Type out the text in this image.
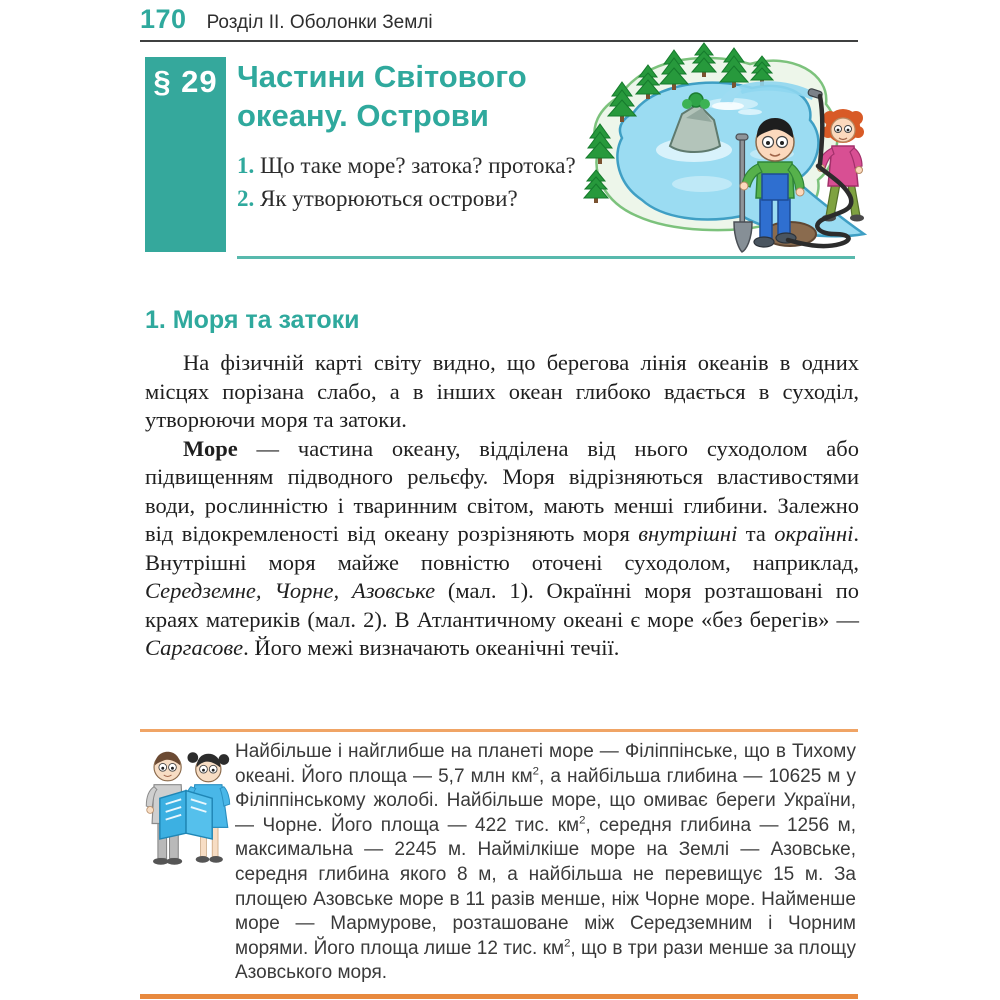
170 Розділ II. Оболонки Землі
§ 29 Частини Світового океану. Острови
1. Що таке море? затока? протока?
2. Як утворюються острови?
1. Моря та затоки

На фізичній карті світу видно, що берегова лінія океанів в одних місцях порізана слабо, а в інших океан глибоко вдається в суходіл, утворюючи моря та затоки.

Море — частина океану, відділена від нього суходолом або підвищенням підводного рельєфу. Моря відрізняються властивостями води, рослинністю і тваринним світом, мають менші глибини. Залежно від відокремленості від океану розрізняють моря внутрішні та окраїнні. Внутрішні моря майже повністю оточені суходолом, наприклад, Середземне, Чорне, Азовське (мал. 1). Окраїнні моря розташовані по краях материків (мал. 2). В Атлантичному океані є море «без берегів» — Саргасове. Його межі визначають океанічні течії.

Найбільше і найглибше на планеті море — Філіппінське, що в Тихому океані. Його площа — 5,7 млн $км^2$, а найбільша глибина — 10625 м у Філіппінському жолобі. Найбільше море, що омиває береги України, — Чорне. Його площа — 422 тис. $км^2$, середня глибина — 1256 м, максимальна — 2245 м. Наймілкіше море на Землі — Азовське, середня глибина якого 8 м, а найбільша не перевищує 15 м. За площею Азовське море в 11 разів менше, ніж Чорне море. Найменше море — Мармурове, розташоване між Середземним і Чорним морями. Його площа лише 12 тис. $км^2$, що в три рази менше за площу Азовського моря.
